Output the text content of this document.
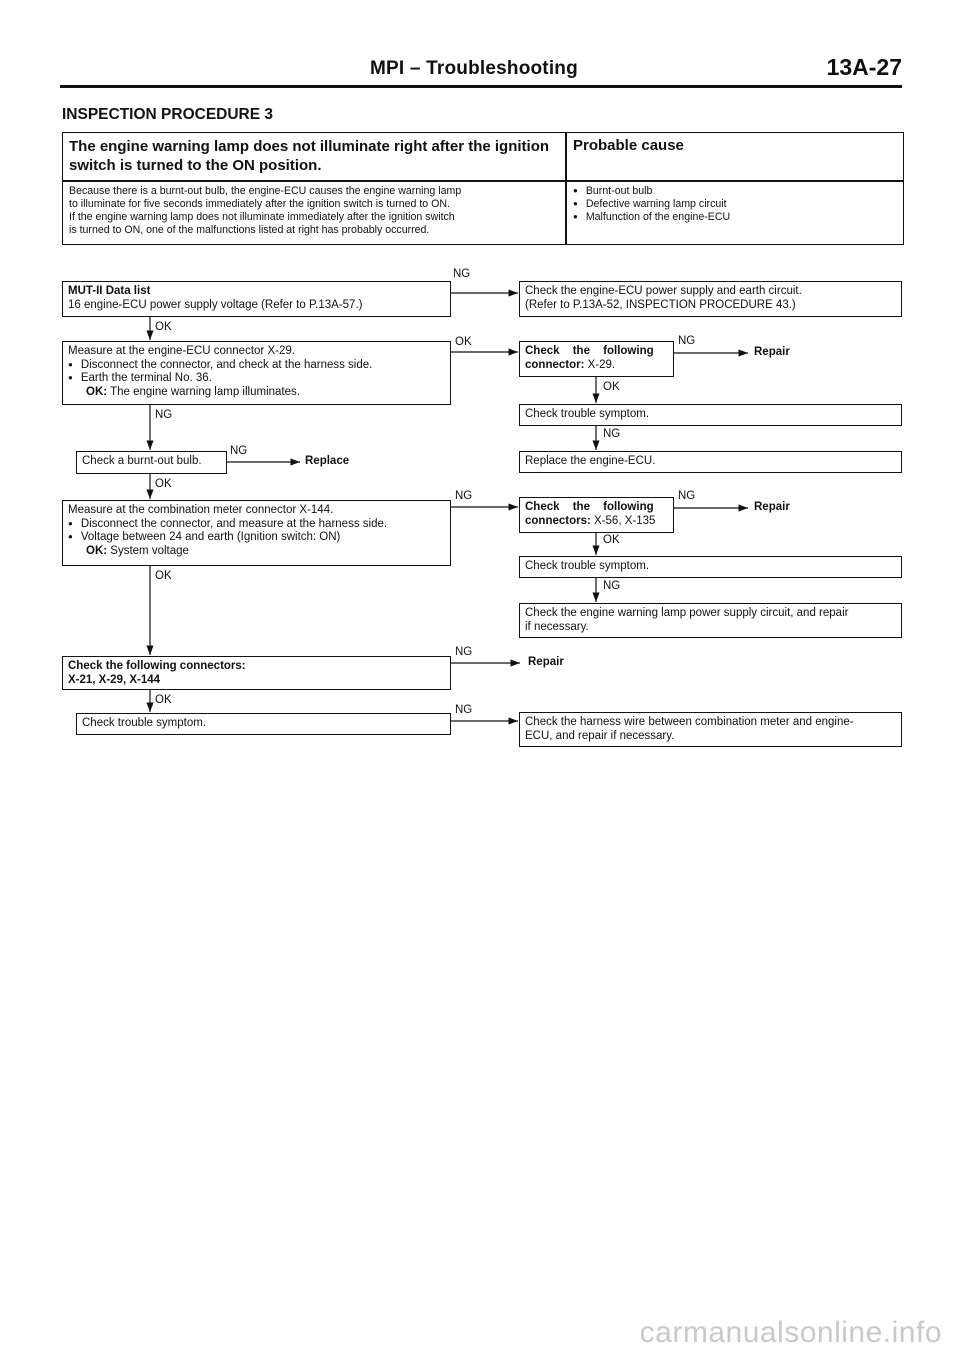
MPI – Troubleshooting	13A-27
INSPECTION PROCEDURE 3
The engine warning lamp does not illuminate right after the ignition switch is turned to the ON position.
Probable cause
Because there is a burnt-out bulb, the engine-ECU causes the engine warning lamp
to illuminate for five seconds immediately after the ignition switch is turned to ON.
If the engine warning lamp does not illuminate immediately after the ignition switch
is turned to ON, one of the malfunctions listed at right has probably occurred.
● Burnt-out bulb
● Defective warning lamp circuit
● Malfunction of the engine-ECU
MUT-II Data list
16 engine-ECU power supply voltage (Refer to P.13A-57.)
NG
Check the engine-ECU power supply and earth circuit.
(Refer to P.13A-52, INSPECTION PROCEDURE 43.)
OK
Measure at the engine-ECU connector X-29.
● Disconnect the connector, and check at the harness side.
● Earth the terminal No. 36.
OK: The engine warning lamp illuminates.
OK
Check the following
connector: X-29.
NG
Repair
OK
Check trouble symptom.
NG
Replace the engine-ECU.
NG
Check a burnt-out bulb.
NG
Replace
OK
Measure at the combination meter connector X-144.
● Disconnect the connector, and measure at the harness side.
● Voltage between 24 and earth (Ignition switch: ON)
OK: System voltage
NG
Check the following
connectors: X-56, X-135
NG
Repair
OK
Check trouble symptom.
NG
Check the engine warning lamp power supply circuit, and repair
if necessary.
OK
Check the following connectors:
X-21, X-29, X-144
NG
Repair
OK
Check trouble symptom.
NG
Check the harness wire between combination meter and engine-
ECU, and repair if necessary.
carmanualsonline.info
